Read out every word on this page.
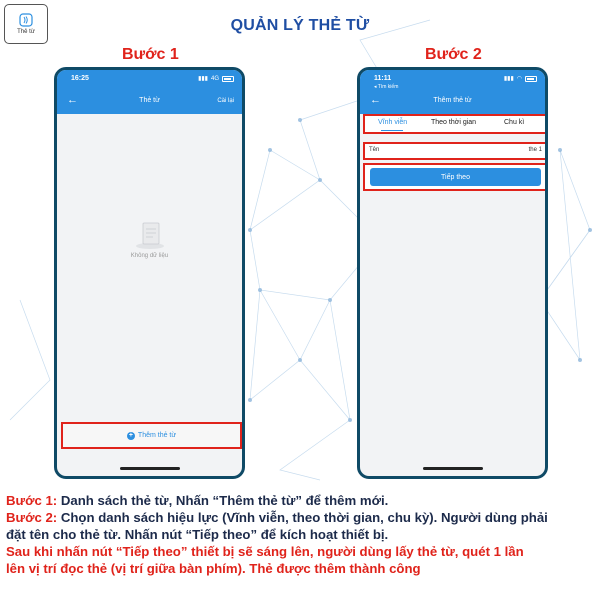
Thẻ từ	QUẢN LÝ THẺ TỪ
Bước 1	Bước 2
16:25	▮▮▮ 4G
←	Thẻ từ	Cài lại
Không dữ liệu
+ Thêm thẻ từ
11:11
◂ Tìm kiếm
▮▮▮ ◠
←	Thêm thẻ từ
Vĩnh viễn	Theo thời gian	Chu kì
Tên	the 1
Tiếp theo
Bước 1: Danh sách thẻ từ, Nhấn “Thêm thẻ từ” để thêm mới.
Bước 2: Chọn danh sách hiệu lực (Vĩnh viễn, theo thời gian, chu kỳ). Người dùng phải
đặt tên cho thẻ từ. Nhấn nút “Tiếp theo” để kích hoạt thiết bị.
Sau khi nhấn nút “Tiếp theo” thiết bị sẽ sáng lên, người dùng lấy thẻ từ, quét 1 lần
lên vị trí đọc thẻ (vị trí giữa bàn phím). Thẻ được thêm thành công
